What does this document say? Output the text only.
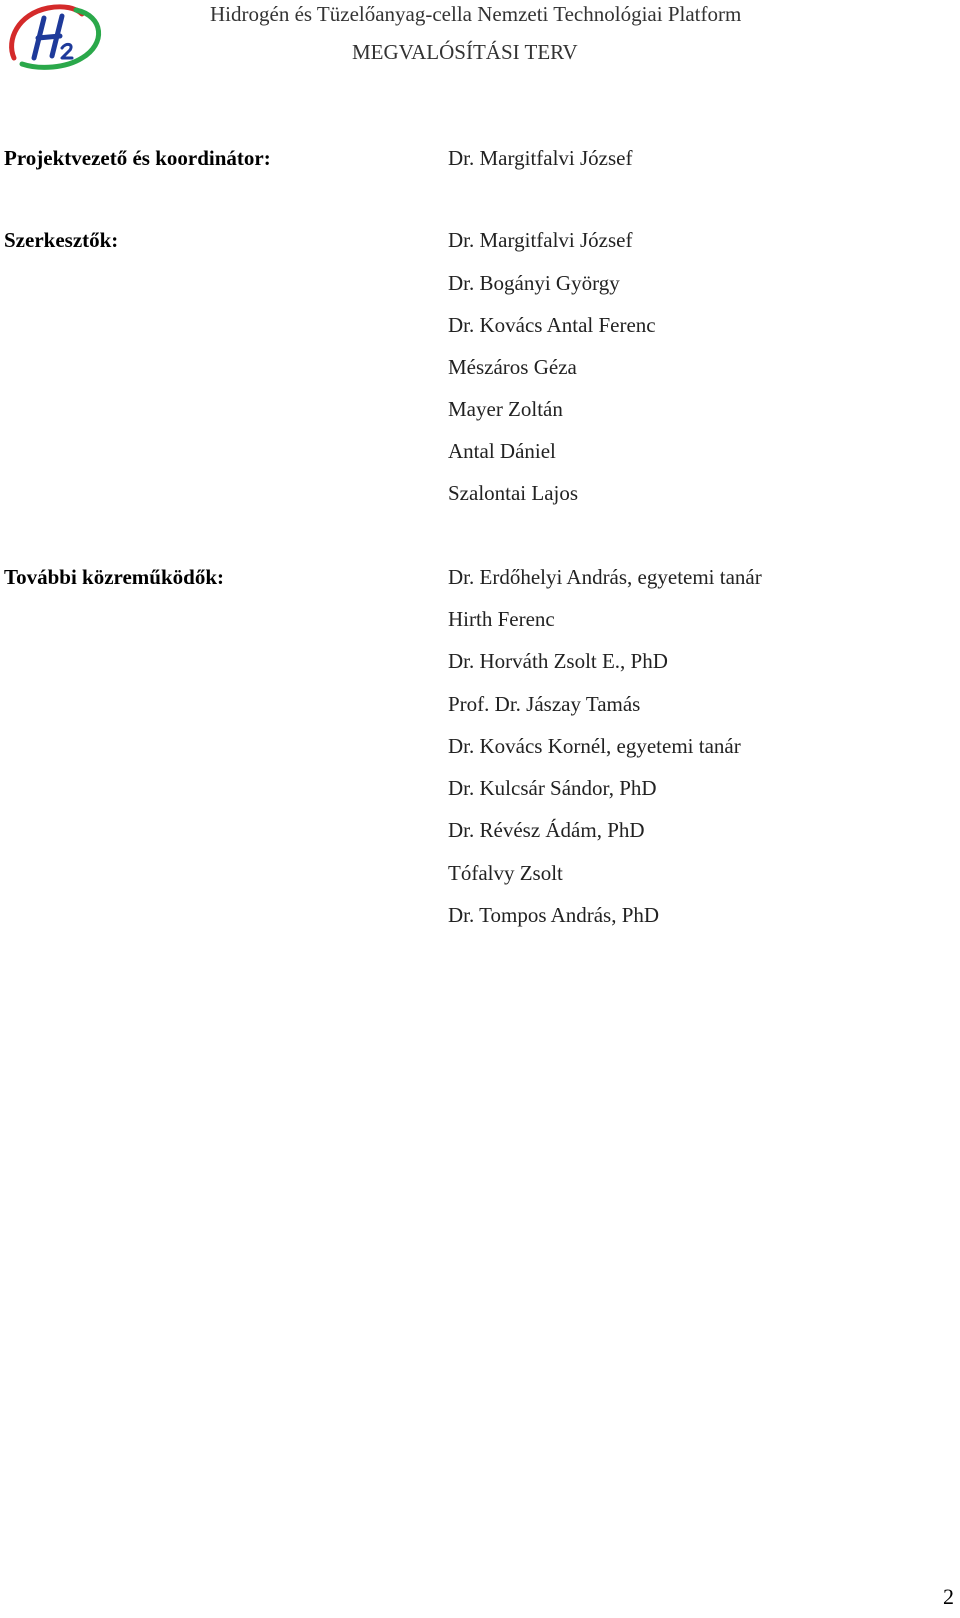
Hidrogén és Tüzelőanyag-cella Nemzeti Technológiai Platform
MEGVALÓSÍTÁSI TERV
Projektvezető és koordinátor:	Dr. Margitfalvi József
Szerkesztők:	Dr. Margitfalvi József
Dr. Bogányi György
Dr. Kovács Antal Ferenc
Mészáros Géza
Mayer Zoltán
Antal Dániel
Szalontai Lajos
További közreműködők:	Dr. Erdőhelyi András, egyetemi tanár
Hirth Ferenc
Dr. Horváth Zsolt E., PhD
Prof. Dr. Jászay Tamás
Dr. Kovács Kornél, egyetemi tanár
Dr. Kulcsár Sándor, PhD
Dr. Révész Ádám, PhD
Tófalvy Zsolt
Dr. Tompos András, PhD
2
